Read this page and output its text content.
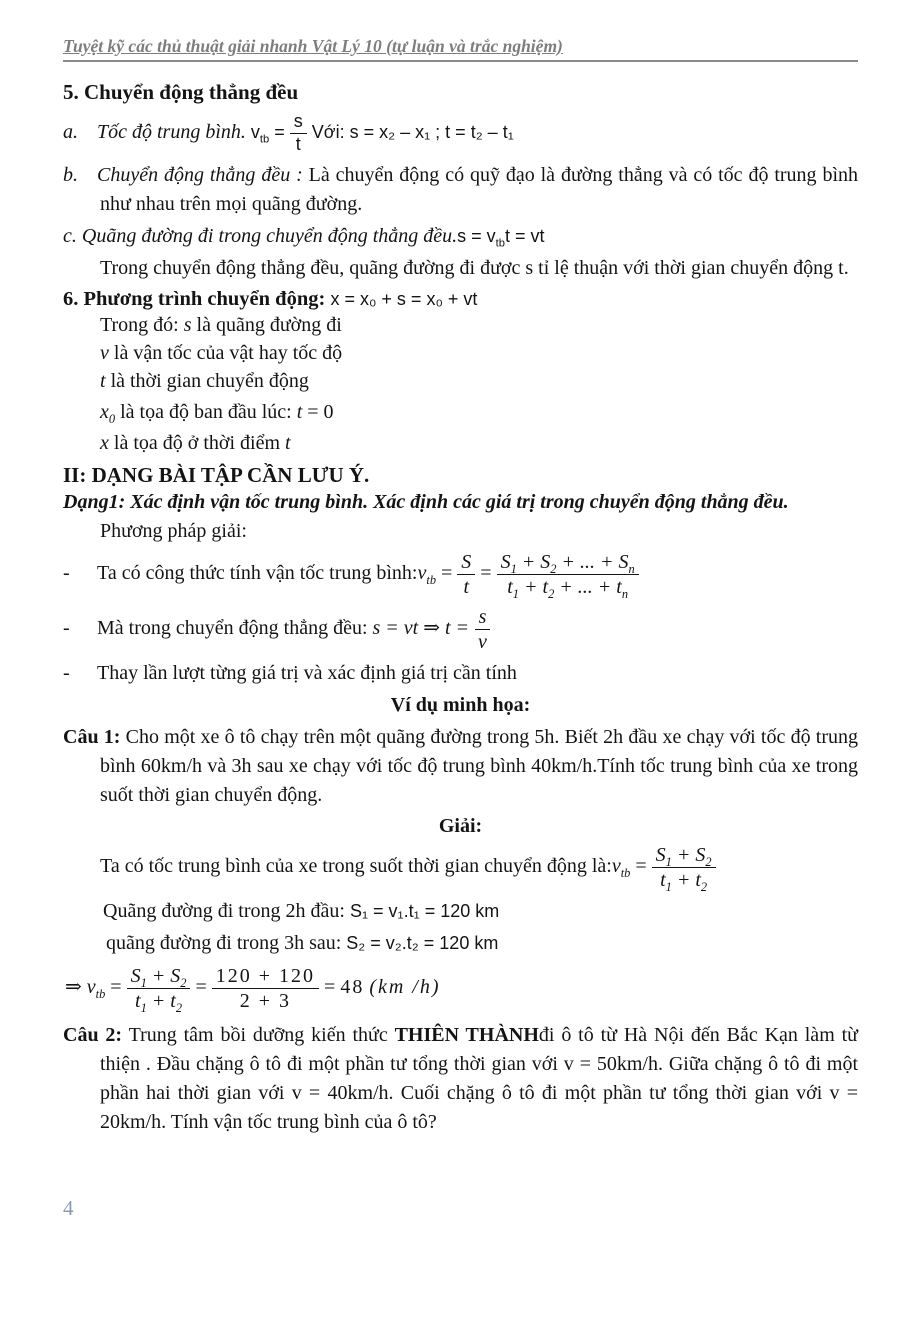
Tuyệt kỹ các thủ thuật giải nhanh Vật Lý 10 (tự luận và trắc nghiệm)
5. Chuyển động thẳng đều
a. Tốc độ trung bình. $v_{tb} = \frac{s}{t}$ Với: s = x₂ – x₁ ; t = t₂ – t₁
b. Chuyển động thẳng đều : Là chuyển động có quỹ đạo là đường thẳng và có tốc độ trung bình như nhau trên mọi quãng đường.
c. Quãng đường đi trong chuyển động thẳng đều.s = $v_{tb}t$ = vt
Trong chuyển động thẳng đều, quãng đường đi được s tỉ lệ thuận với thời gian chuyển động t.
6. Phương trình chuyển động: x = x₀ + s = x₀ + vt
Trong đó: s là quãng đường đi
v là vận tốc của vật hay tốc độ
t là thời gian chuyển động
$x_0$ là tọa độ ban đầu lúc: t = 0
x là tọa độ ở thời điểm t
II: DẠNG BÀI TẬP CẦN LƯU Ý.
Dạng1: Xác định vận tốc trung bình. Xác định các giá trị trong chuyển động thẳng đều.
Phương pháp giải:
- Ta có công thức tính vận tốc trung $bình:v_{tb} = \frac{S}{t} = \frac{S_1 + S_2 + ... + S_n}{t_1 + t_2 + ... + t_n}$
- Mà trong chuyển động thẳng đều: s = vt ⇒ $t = \frac{s}{v}$
- Thay lần lượt từng giá trị và xác định giá trị cần tính
Ví dụ minh họa:
Câu 1: Cho một xe ô tô chạy trên một quãng đường trong 5h. Biết 2h đầu xe chạy với tốc độ trung bình 60km/h và 3h sau xe chạy với tốc độ trung bình 40km/h.Tính tốc trung bình của xe trong suốt thời gian chuyển động.
Giải:
Ta có tốc trung bình của xe trong suốt thời gian chuyển động $là:v_{tb} = \frac{S_1 + S_2}{t_1 + t_2}$
Quãng đường đi trong 2h đầu: S₁ = v₁.t₁ = 120 km
quãng đường đi trong 3h sau: S₂ = v₂.t₂ = 120 km
⇒ $v_{tb} = \frac{S_1 + S_2}{t_1 + t_2} = \frac{120 + 120}{2 + 3} = 48$ (km /h)
Câu 2: Trung tâm bồi dưỡng kiến thức THIÊN THÀNHđi ô tô từ Hà Nội đến Bắc Kạn làm từ thiện . Đầu chặng ô tô đi một phần tư tổng thời gian với v = 50km/h. Giữa chặng ô tô đi một phần hai thời gian với v = 40km/h. Cuối chặng ô tô đi một phần tư tổng thời gian với v = 20km/h. Tính vận tốc trung bình của ô tô?
4
